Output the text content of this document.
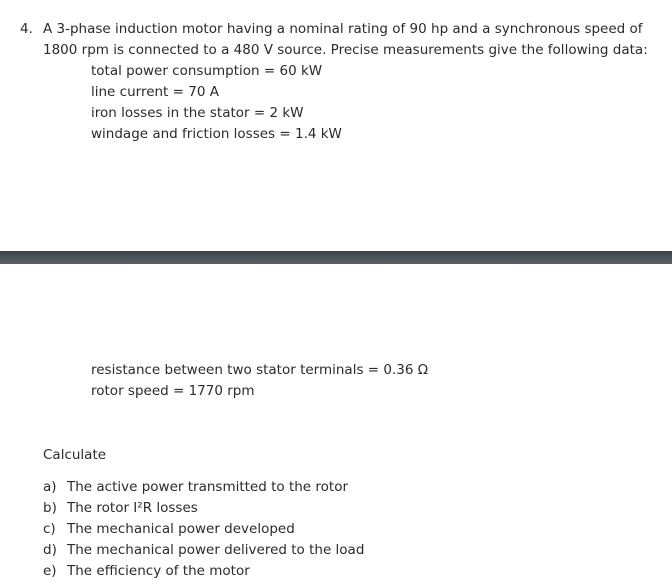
4. A 3-phase induction motor having a nominal rating of 90 hp and a synchronous speed of
1800 rpm is connected to a 480 V source. Precise measurements give the following data:
total power consumption = 60 kW
line current = 70 A
iron losses in the stator = 2 kW
windage and friction losses = 1.4 kW
resistance between two stator terminals = 0.36 Ω
rotor speed = 1770 rpm
Calculate
a) The active power transmitted to the rotor
b) The rotor I²R losses
c) The mechanical power developed
d) The mechanical power delivered to the load
e) The efficiency of the motor
